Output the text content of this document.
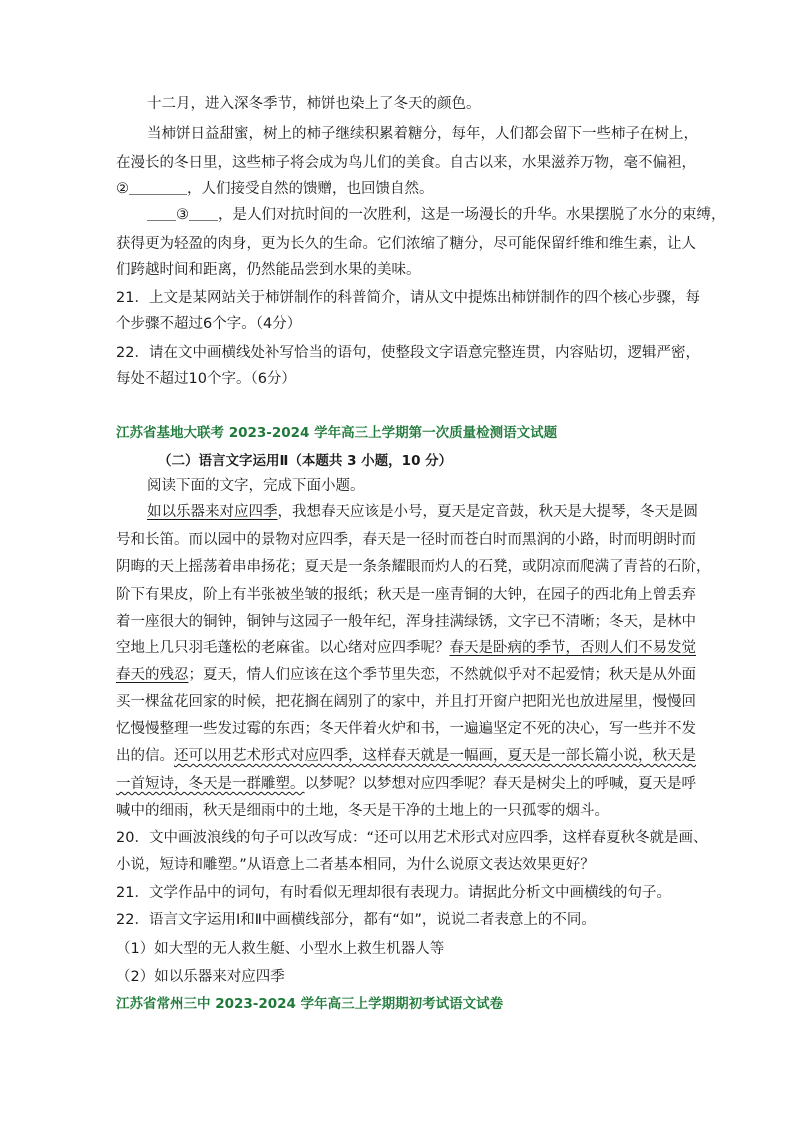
十二月，进入深冬季节，柿饼也染上了冬天的颜色。
当柿饼日益甜蜜，树上的柿子继续积累着糖分，每年，人们都会留下一些柿子在树上，
在漫长的冬日里，这些柿子将会成为鸟儿们的美食。自古以来，水果滋养万物，毫不偏袒，
②＿＿＿＿，人们接受自然的馈赠，也回馈自然。
＿＿③＿＿，是人们对抗时间的一次胜利，这是一场漫长的升华。水果摆脱了水分的束缚，
获得更为轻盈的肉身，更为长久的生命。它们浓缩了糖分，尽可能保留纤维和维生素，让人
们跨越时间和距离，仍然能品尝到水果的美味。
21．上文是某网站关于柿饼制作的科普简介，请从文中提炼出柿饼制作的四个核心步骤，每
个步骤不超过6个字。（4分）
22．请在文中画横线处补写恰当的语句，使整段文字语意完整连贯，内容贴切，逻辑严密，
每处不超过10个字。（6分）
江苏省基地大联考 2023-2024 学年高三上学期第一次质量检测语文试题
（二）语言文字运用Ⅱ（本题共 3 小题，10 分）
阅读下面的文字，完成下面小题。
如以乐器来对应四季，我想春天应该是小号，夏天是定音鼓，秋天是大提琴，冬天是圆
号和长笛。而以园中的景物对应四季，春天是一径时而苍白时而黑润的小路，时而明朗时而
阴晦的天上摇荡着串串扬花；夏天是一条条耀眼而灼人的石凳，或阴凉而爬满了青苔的石阶，
阶下有果皮，阶上有半张被坐皱的报纸；秋天是一座青铜的大钟，在园子的西北角上曾丢弃
着一座很大的铜钟，铜钟与这园子一般年纪，浑身挂满绿锈，文字已不清晰；冬天，是林中
空地上几只羽毛蓬松的老麻雀。以心绪对应四季呢？春天是卧病的季节，否则人们不易发觉
春天的残忍；夏天，情人们应该在这个季节里失恋，不然就似乎对不起爱情；秋天是从外面
买一棵盆花回家的时候，把花搁在阔别了的家中，并且打开窗户把阳光也放进屋里，慢慢回
忆慢慢整理一些发过霉的东西；冬天伴着火炉和书，一遍遍坚定不死的决心，写一些并不发
出的信。还可以用艺术形式对应四季，这样春天就是一幅画，夏天是一部长篇小说，秋天是
一首短诗，冬天是一群雕塑。以梦呢？以梦想对应四季呢？春天是树尖上的呼喊，夏天是呼
喊中的细雨，秋天是细雨中的土地，冬天是干净的土地上的一只孤零的烟斗。
20．文中画波浪线的句子可以改写成：“还可以用艺术形式对应四季，这样春夏秋冬就是画、
小说，短诗和雕塑。”从语意上二者基本相同，为什么说原文表达效果更好？
21．文学作品中的词句，有时看似无理却很有表现力。请据此分析文中画横线的句子。
22．语言文字运用Ⅰ和Ⅱ中画横线部分，都有“如”，说说二者表意上的不同。
（1）如大型的无人救生艇、小型水上救生机器人等
（2）如以乐器来对应四季
江苏省常州三中 2023-2024 学年高三上学期期初考试语文试卷
